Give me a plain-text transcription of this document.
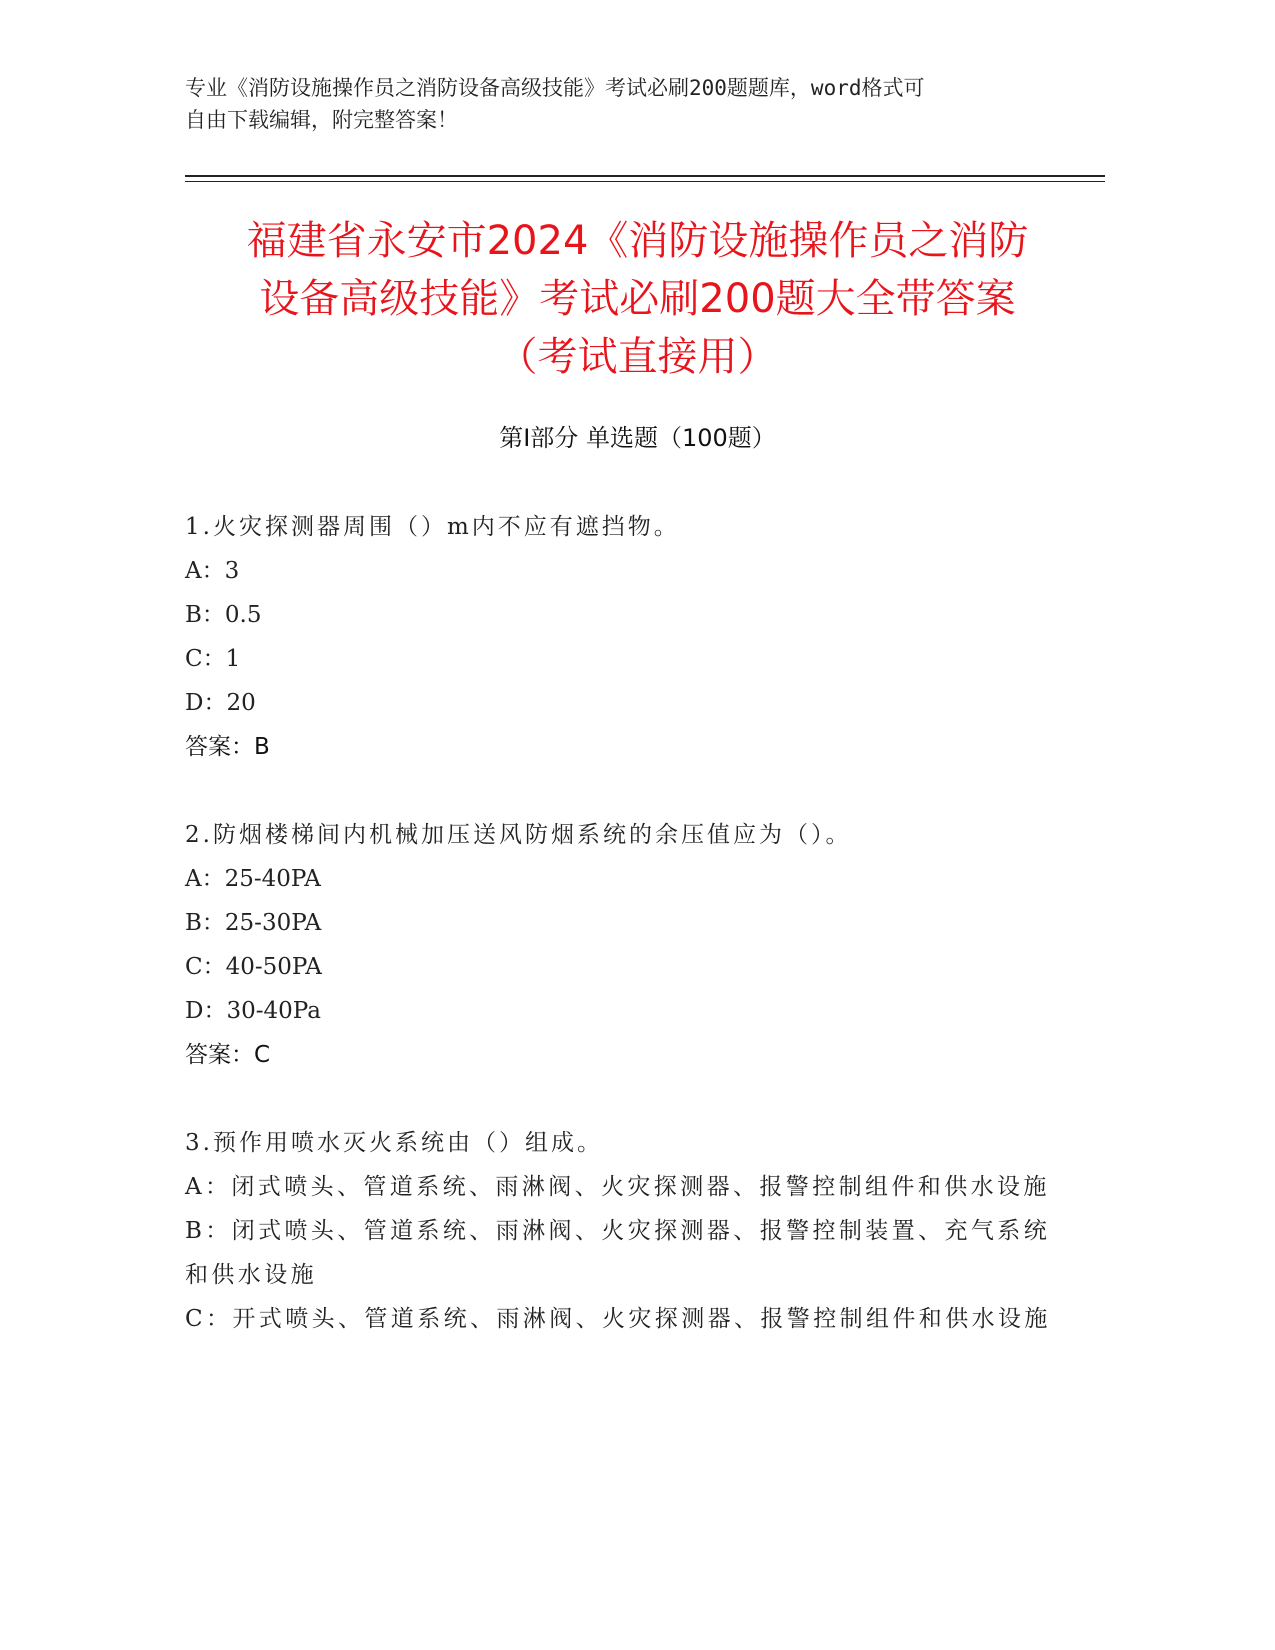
专业《消防设施操作员之消防设备高级技能》考试必刷200题题库，word格式可
自由下载编辑，附完整答案！
福建省永安市2024《消防设施操作员之消防
设备高级技能》考试必刷200题大全带答案
（考试直接用）
第I部分 单选题（100题）
1.火灾探测器周围（）m内不应有遮挡物。
A：3
B：0.5
C：1
D：20
答案：B
2.防烟楼梯间内机械加压送风防烟系统的余压值应为（）。
A：25-40PA
B：25-30PA
C：40-50PA
D：30-40Pa
答案：C
3.预作用喷水灭火系统由（）组成。
A：闭式喷头、管道系统、雨淋阀、火灾探测器、报警控制组件和供水设施
B：闭式喷头、管道系统、雨淋阀、火灾探测器、报警控制装置、充气系统和供水设施
C：开式喷头、管道系统、雨淋阀、火灾探测器、报警控制组件和供水设施
